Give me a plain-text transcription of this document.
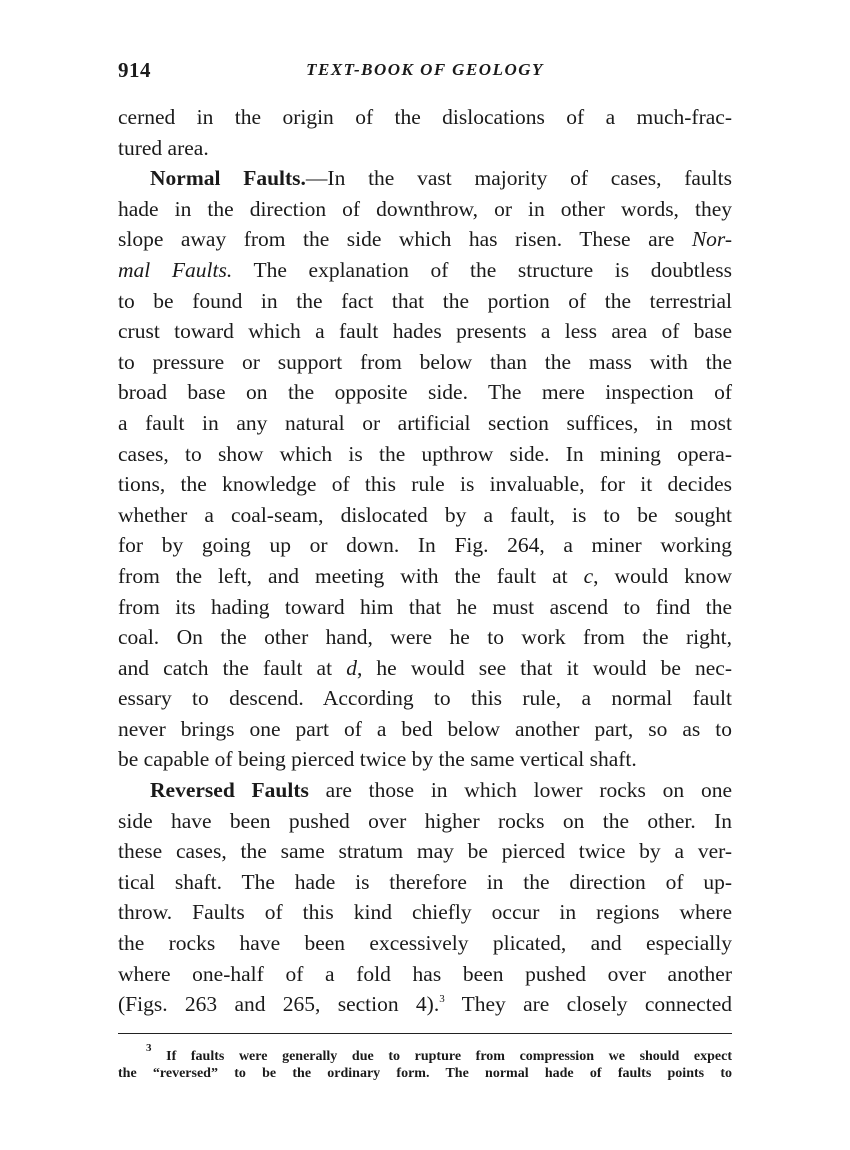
914	TEXT-BOOK OF GEOLOGY
cerned in the origin of the dislocations of a much-frac-
tured area.
Normal Faults.—In the vast majority of cases, faults
hade in the direction of downthrow, or in other words, they
slope away from the side which has risen. These are Nor-
mal Faults. The explanation of the structure is doubtless
to be found in the fact that the portion of the terrestrial
crust toward which a fault hades presents a less area of base
to pressure or support from below than the mass with the
broad base on the opposite side. The mere inspection of
a fault in any natural or artificial section suffices, in most
cases, to show which is the upthrow side. In mining opera-
tions, the knowledge of this rule is invaluable, for it decides
whether a coal-seam, dislocated by a fault, is to be sought
for by going up or down. In Fig. 264, a miner working
from the left, and meeting with the fault at c, would know
from its hading toward him that he must ascend to find the
coal. On the other hand, were he to work from the right,
and catch the fault at d, he would see that it would be nec-
essary to descend. According to this rule, a normal fault
never brings one part of a bed below another part, so as to
be capable of being pierced twice by the same vertical shaft.
Reversed Faults are those in which lower rocks on one
side have been pushed over higher rocks on the other. In
these cases, the same stratum may be pierced twice by a ver-
tical shaft. The hade is therefore in the direction of up-
throw. Faults of this kind chiefly occur in regions where
the rocks have been excessively plicated, and especially
where one-half of a fold has been pushed over another
(Figs. 263 and 265, section 4).$^3$ They are closely connected
$^3$ If faults were generally due to rupture from compression we should expect
the “reversed” to be the ordinary form. The normal hade of faults points to
